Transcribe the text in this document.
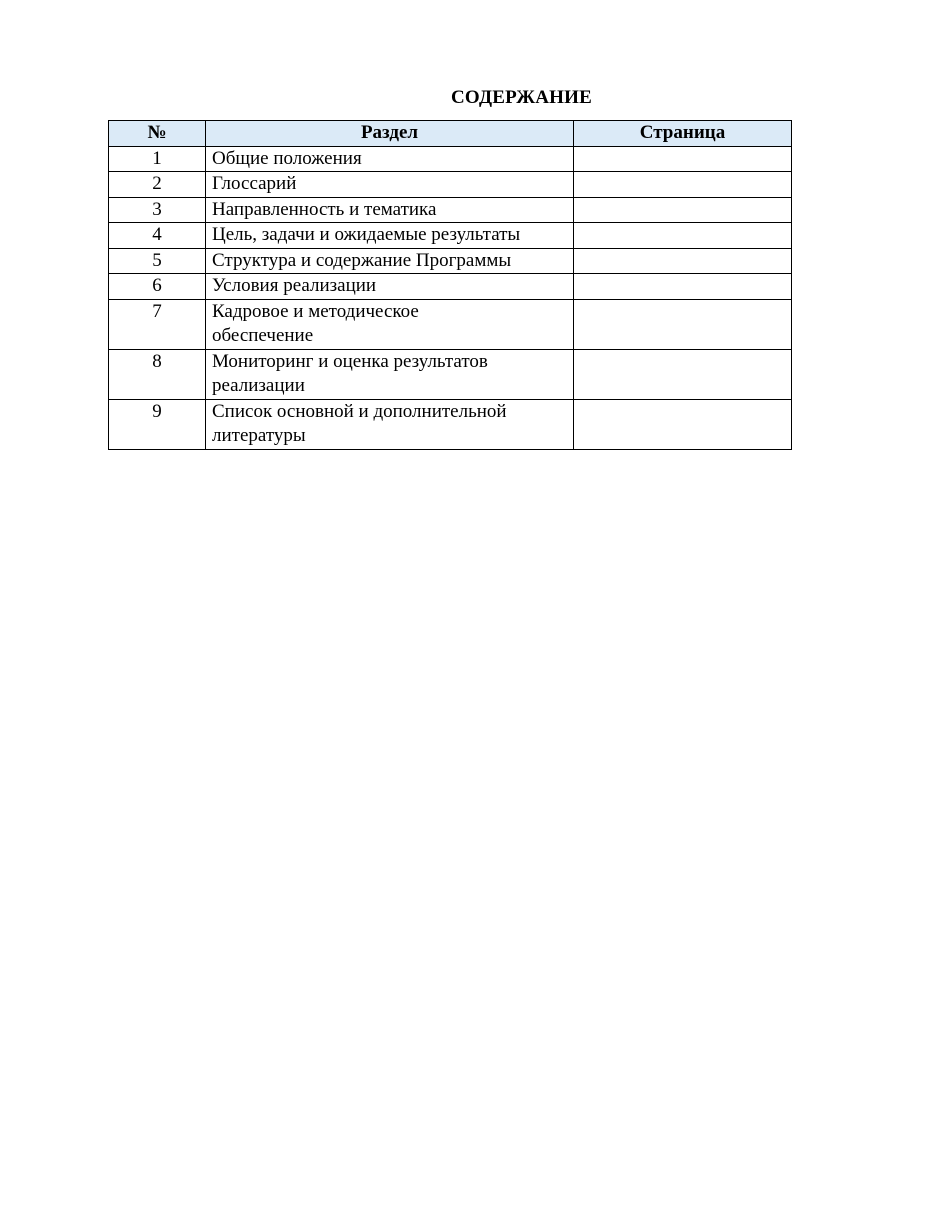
СОДЕРЖАНИЕ
№	Раздел	Страница
1	Общие положения	
2	Глоссарий	
3	Направленность и тематика	
4	Цель, задачи и ожидаемые результаты	
5	Структура и содержание Программы	
6	Условия реализации	
7	Кадровое и методическое обеспечение	
8	Мониторинг и оценка результатов реализации	
9	Список основной и дополнительной литературы	
